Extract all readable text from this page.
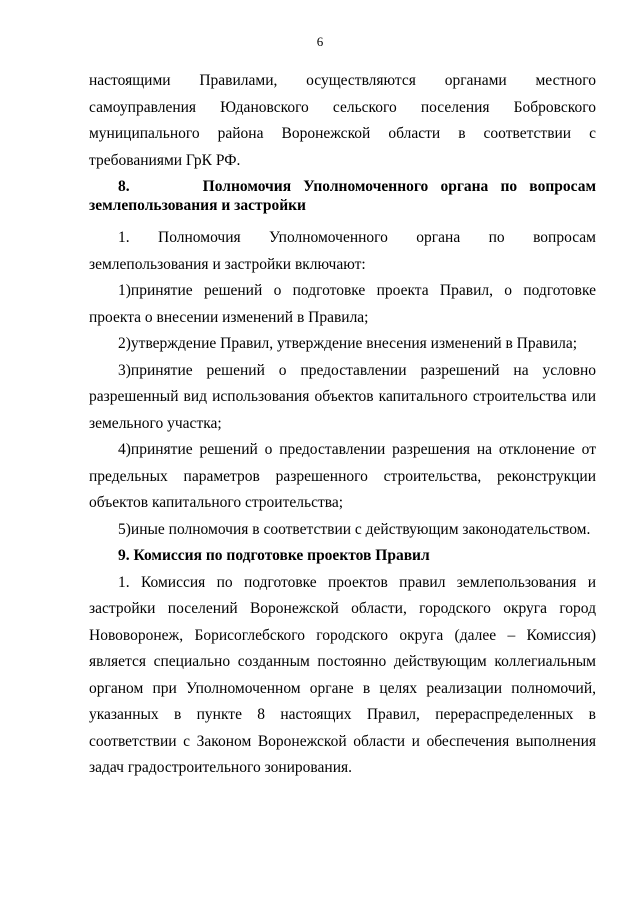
6

настоящими Правилами, осуществляются органами местного самоуправления Юдановского сельского поселения Бобровского муниципального района Воронежской области в соответствии с требованиями ГрК РФ.

8.	Полномочия Уполномоченного органа по вопросам землепользования и застройки

1. Полномочия Уполномоченного органа по вопросам землепользования и застройки включают:

1)принятие решений о подготовке проекта Правил, о подготовке проекта о внесении изменений в Правила;

2)утверждение Правил, утверждение внесения изменений в Правила;

3)принятие решений о предоставлении разрешений на условно разрешенный вид использования объектов капитального строительства или земельного участка;

4)принятие решений о предоставлении разрешения на отклонение от предельных параметров разрешенного строительства, реконструкции объектов капитального строительства;

5)иные полномочия в соответствии с действующим законодательством.

9. Комиссия по подготовке проектов Правил

1. Комиссия по подготовке проектов правил землепользования и застройки поселений Воронежской области, городского округа город Нововоронеж, Борисоглебского городского округа (далее – Комиссия) является специально созданным постоянно действующим коллегиальным органом при Уполномоченном органе в целях реализации полномочий, указанных в пункте 8 настоящих Правил, перераспределенных в соответствии с Законом Воронежской области и обеспечения выполнения задач градостроительного зонирования.
